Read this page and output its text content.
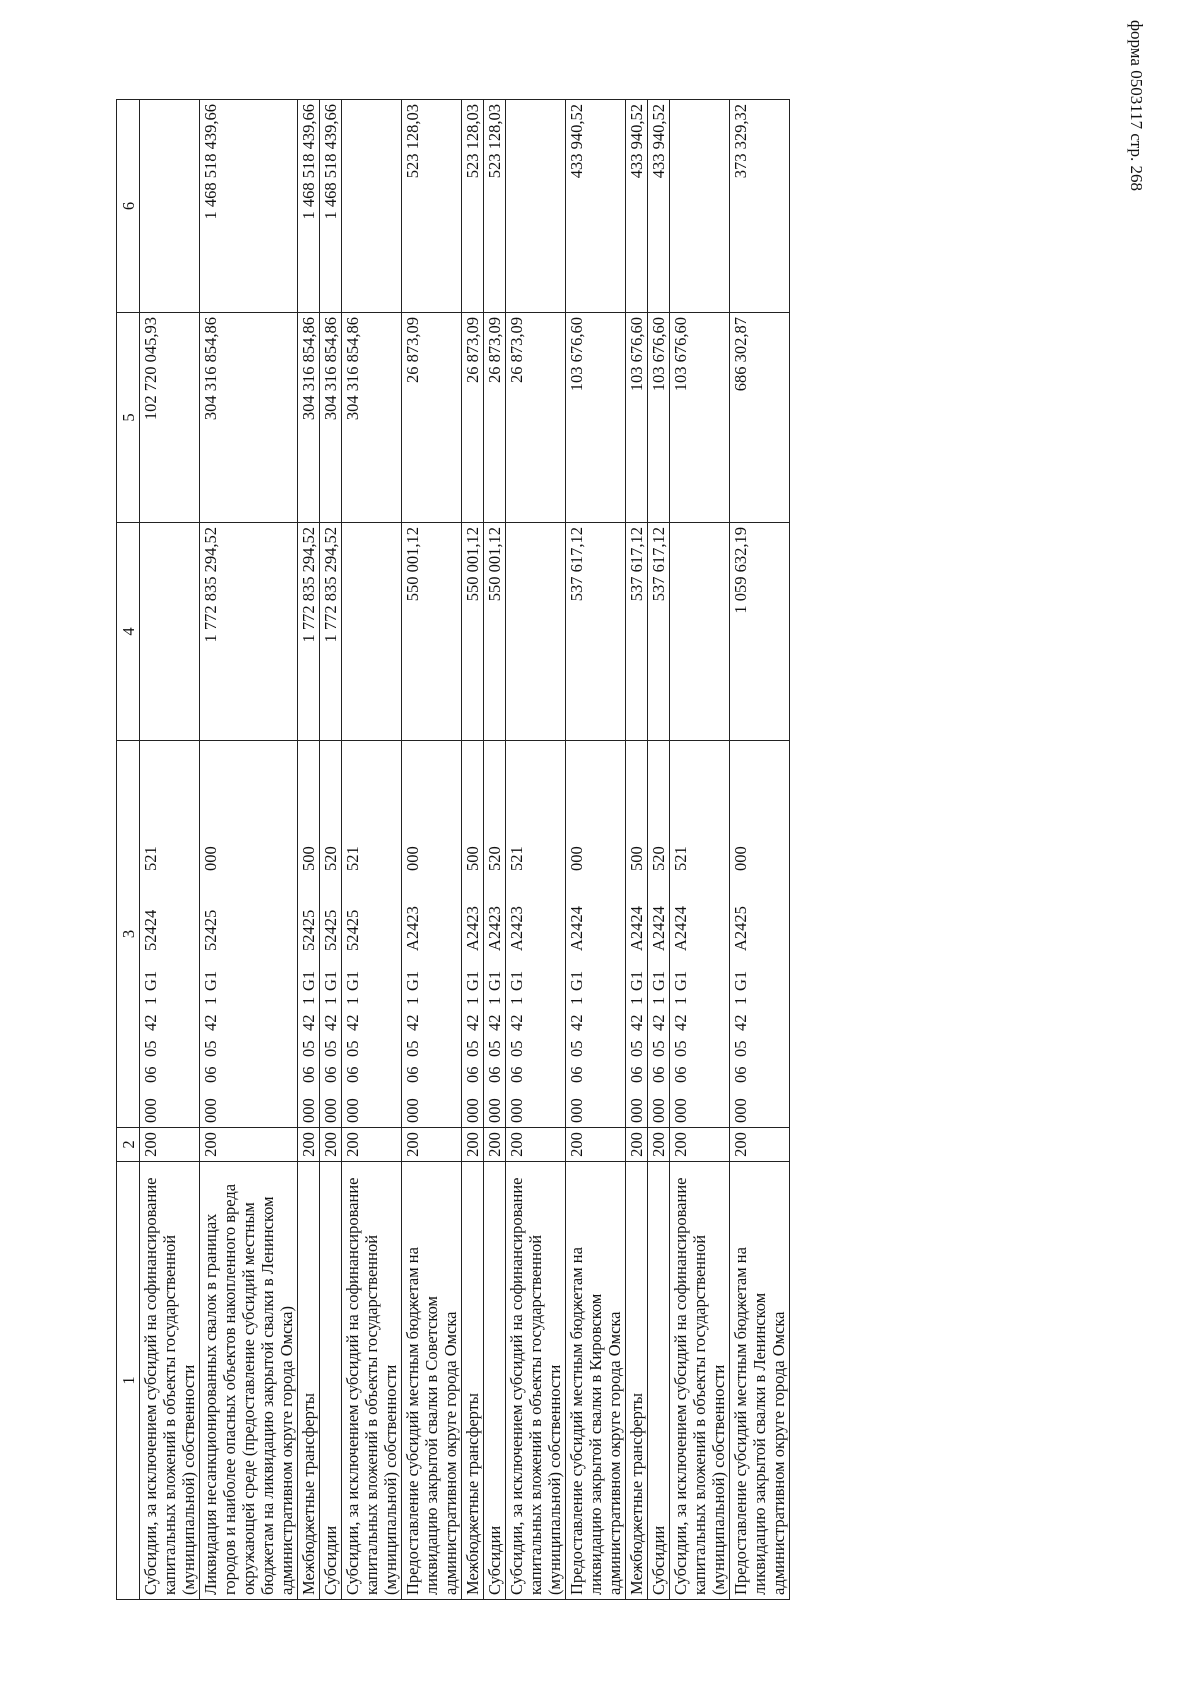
форма 0503117 стр. 268
1	2	3	4	5	6
Субсидии, за исключением субсидий на софинансирование капитальных вложений в объекты государственной (муниципальной) собственности	200	0000605421G152424521		102 720 045,93	
Ликвидация несанкционированных свалок в границах городов и наиболее опасных объектов накопленного вреда окружающей среде (предоставление субсидий местным бюджетам на ликвидацию закрытой свалки в Ленинском административном округе города Омска)	200	0000605421G152425000	1 772 835 294,52	304 316 854,86	1 468 518 439,66
Межбюджетные трансферты	200	0000605421G152425500	1 772 835 294,52	304 316 854,86	1 468 518 439,66
Субсидии	200	0000605421G152425520	1 772 835 294,52	304 316 854,86	1 468 518 439,66
Субсидии, за исключением субсидий на софинансирование капитальных вложений в объекты государственной (муниципальной) собственности	200	0000605421G152425521		304 316 854,86	
Предоставление субсидий местным бюджетам на ликвидацию закрытой свалки в Советском административном округе города Омска	200	0000605421G1A2423000	550 001,12	26 873,09	523 128,03
Межбюджетные трансферты	200	0000605421G1A2423500	550 001,12	26 873,09	523 128,03
Субсидии	200	0000605421G1A2423520	550 001,12	26 873,09	523 128,03
Субсидии, за исключением субсидий на софинансирование капитальных вложений в объекты государственной (муниципальной) собственности	200	0000605421G1A2423521		26 873,09	
Предоставление субсидий местным бюджетам на ликвидацию закрытой свалки в Кировском административном округе города Омска	200	0000605421G1A2424000	537 617,12	103 676,60	433 940,52
Межбюджетные трансферты	200	0000605421G1A2424500	537 617,12	103 676,60	433 940,52
Субсидии	200	0000605421G1A2424520	537 617,12	103 676,60	433 940,52
Субсидии, за исключением субсидий на софинансирование капитальных вложений в объекты государственной (муниципальной) собственности	200	0000605421G1A2424521		103 676,60	
Предоставление субсидий местным бюджетам на ликвидацию закрытой свалки в Ленинском административном округе города Омска	200	0000605421G1A2425000	1 059 632,19	686 302,87	373 329,32
